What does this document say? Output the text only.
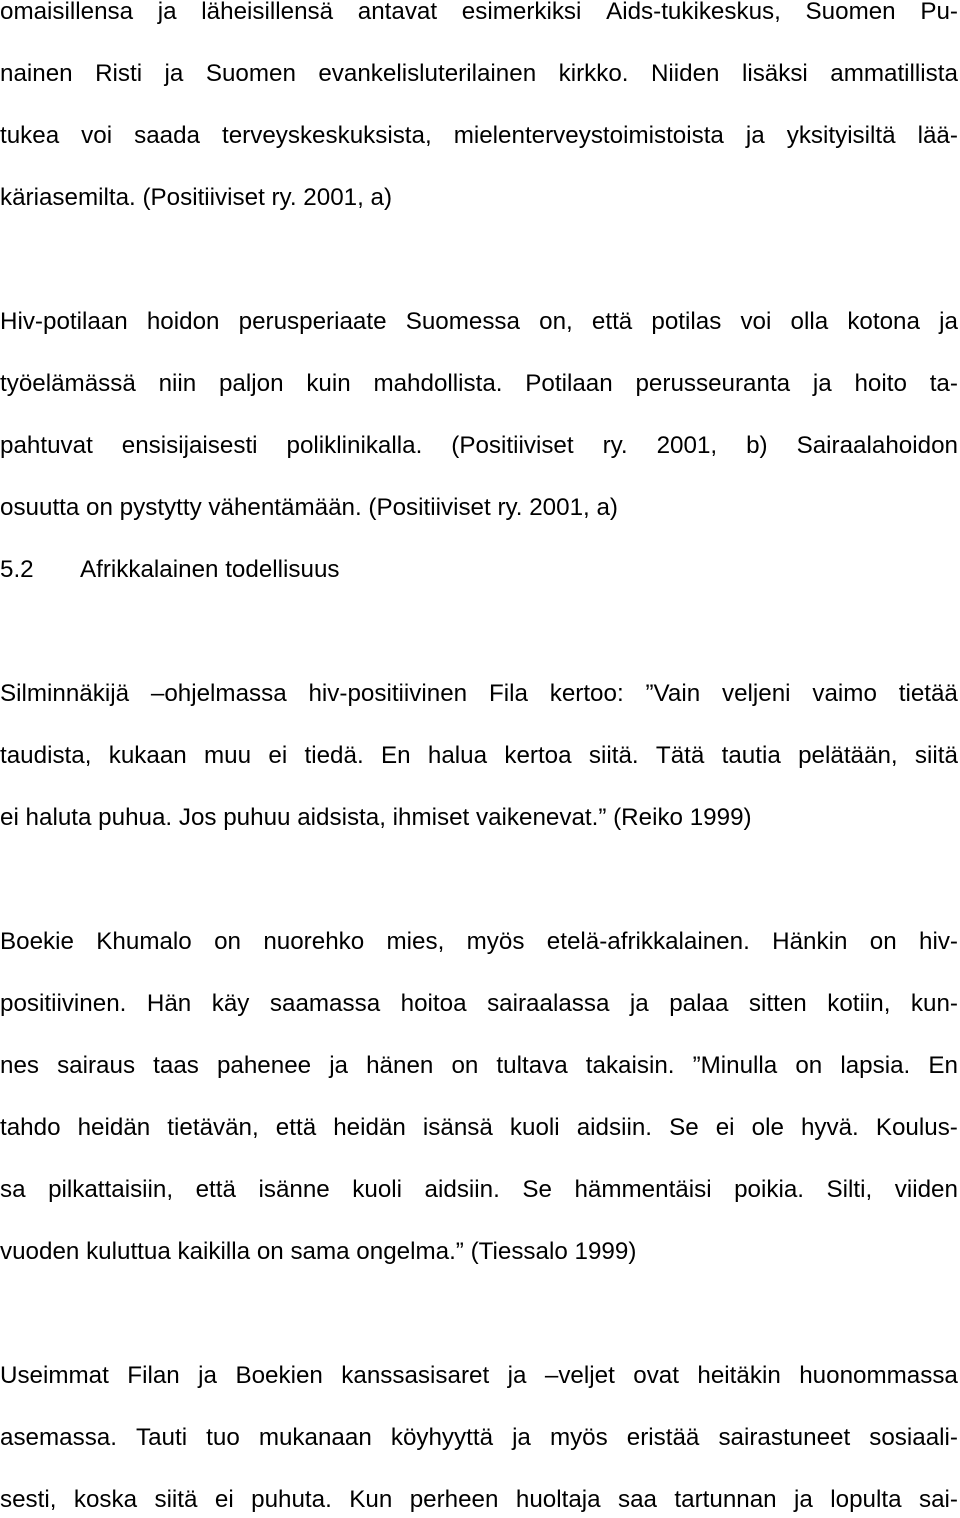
omaisillensa ja läheisillensä antavat esimerkiksi Aids-tukikeskus, Suomen Pu-
nainen Risti ja Suomen evankelisluterilainen kirkko. Niiden lisäksi ammatillista
tukea voi saada terveyskeskuksista, mielenterveystoimistoista ja yksityisiltä lää-
käriasemilta. (Positiiviset ry. 2001, a)
Hiv-potilaan hoidon perusperiaate Suomessa on, että potilas voi olla kotona ja
työelämässä niin paljon kuin mahdollista. Potilaan perusseuranta ja hoito ta-
pahtuvat ensisijaisesti poliklinikalla. (Positiiviset ry. 2001, b) Sairaalahoidon
osuutta on pystytty vähentämään. (Positiiviset ry. 2001, a)
5.2 Afrikkalainen todellisuus
Silminnäkijä –ohjelmassa hiv-positiivinen Fila kertoo: ”Vain veljeni vaimo tietää
taudista, kukaan muu ei tiedä. En halua kertoa siitä. Tätä tautia pelätään, siitä
ei haluta puhua. Jos puhuu aidsista, ihmiset vaikenevat.” (Reiko 1999)
Boekie Khumalo on nuorehko mies, myös etelä-afrikkalainen. Hänkin on hiv-
positiivinen. Hän käy saamassa hoitoa sairaalassa ja palaa sitten kotiin, kun-
nes sairaus taas pahenee ja hänen on tultava takaisin. ”Minulla on lapsia. En
tahdo heidän tietävän, että heidän isänsä kuoli aidsiin. Se ei ole hyvä. Koulus-
sa pilkattaisiin, että isänne kuoli aidsiin. Se hämmentäisi poikia. Silti, viiden
vuoden kuluttua kaikilla on sama ongelma.” (Tiessalo 1999)
Useimmat Filan ja Boekien kanssasisaret ja –veljet ovat heitäkin huonommassa
asemassa. Tauti tuo mukanaan köyhyyttä ja myös eristää sairastuneet sosiaali-
sesti, koska siitä ei puhuta. Kun perheen huoltaja saa tartunnan ja lopulta sai-
